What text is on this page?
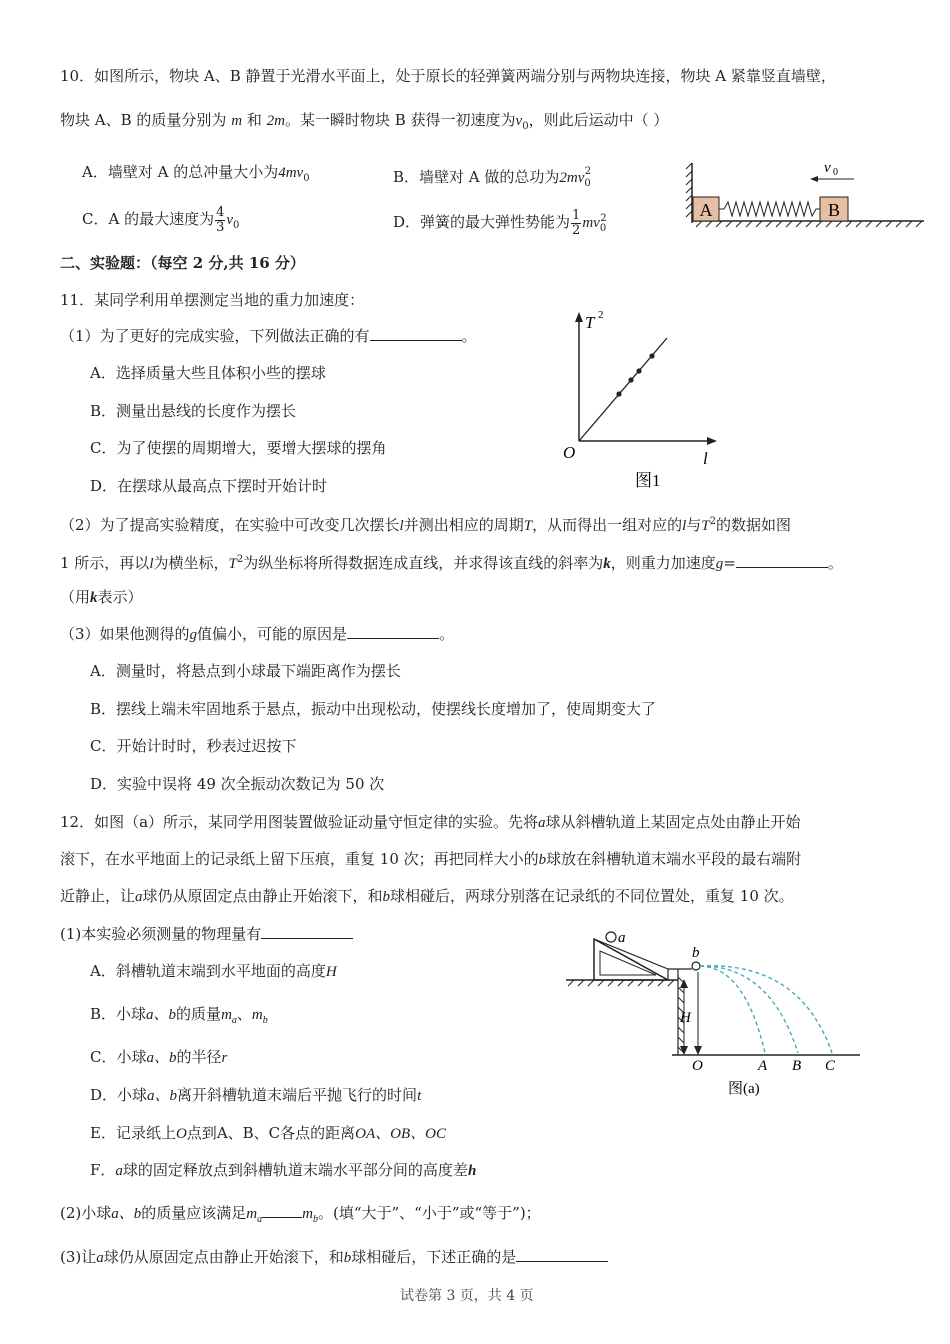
10．如图所示，物块 A、B 静置于光滑水平面上，处于原长的轻弹簧两端分别与两物块连接，物块 A 紧靠竖直墙壁，
物块 A、B 的质量分别为 m 和 2m。某一瞬时物块 B 获得一初速度为$v_0$，则此后运动中（ ）
A．墙壁对 A 的总冲量大小为$4mv_0$	B．墙壁对 A 做的总功为$2mv_0^2$
C．A 的最大速度为 $\frac{4}{3} v_0$	D．弹簧的最大弹性势能为 $\frac{1}{2} mv_0^2$	A	B
v 0
二、实验题：（每空 2 分,共 16 分）
11．某同学利用单摆测定当地的重力加速度：
（1）为了更好的完成实验，下列做法正确的有	。
A．选择质量大些且体积小些的摆球
B．测量出悬线的长度作为摆长
C．为了使摆的周期增大，要增大摆球的摆角
D．在摆球从最高点下摆时开始计时
T 2
O	l
图1
（2）为了提高实验精度，在实验中可改变几次摆长l并测出相应的周期T，从而得出一组对应的l与$T^2$的数据如图
1 所示，再以l为横坐标，$T^2$为纵坐标将所得数据连成直线，并求得该直线的斜率为k，则重力加速度g=	。
（用k表示）
（3）如果他测得的g值偏小，可能的原因是	。
A．测量时，将悬点到小球最下端距离作为摆长
B．摆线上端未牢固地系于悬点，振动中出现松动，使摆线长度增加了，使周期变大了
C．开始计时时，秒表过迟按下
D．实验中误将 49 次全振动次数记为 50 次
12．如图（a）所示，某同学用图装置做验证动量守恒定律的实验。先将a球从斜槽轨道上某固定点处由静止开始
滚下，在水平地面上的记录纸上留下压痕，重复 10 次；再把同样大小的b球放在斜槽轨道末端水平段的最右端附
近静止，让a球仍从原固定点由静止开始滚下，和b球相碰后，两球分别落在记录纸的不同位置处，重复 10 次。
(1)本实验必须测量的物理量有
A．斜槽轨道末端到水平地面的高度H
B．小球a、b的质量$m_a$、$m_b$
C．小球a、b的半径r
D．小球a、b离开斜槽轨道末端后平抛飞行的时间t
E．记录纸上O点到A、B、C各点的距离OA、OB、OC
F．a球的固定释放点到斜槽轨道末端水平部分间的高度差h
(2)小球a、b的质量应该满足$m_a$	$m_b$。(填“大于”、“小于”或“等于”)；
(3)让a球仍从原固定点由静止开始滚下，和b球相碰后，下述正确的是
a
b
H
O	A B C
图(a)
试卷第 3 页，共 4 页
